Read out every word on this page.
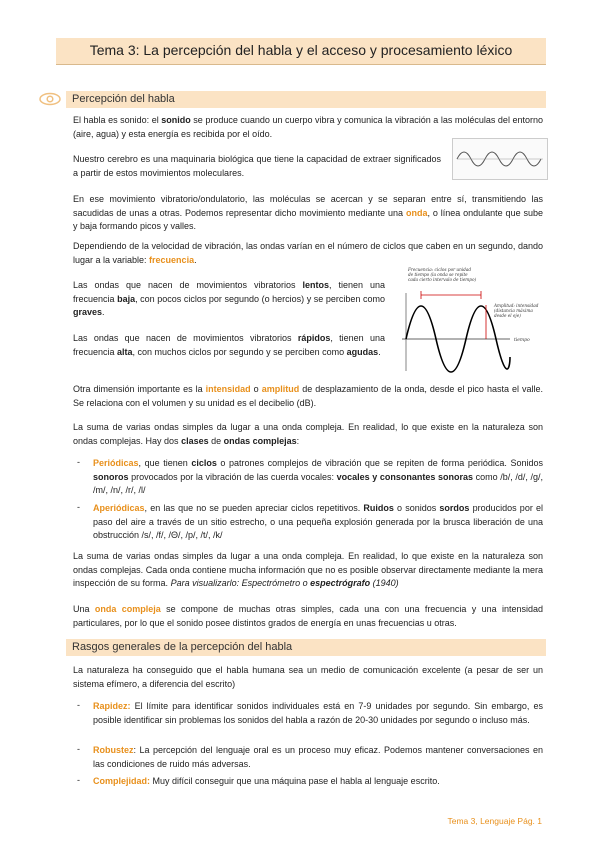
Tema 3: La percepción del habla y el acceso y procesamiento léxico
Percepción del habla

El habla es sonido: el sonido se produce cuando un cuerpo vibra y comunica la vibración a las moléculas del entorno (aire, agua) y esta energía es recibida por el oído.

Nuestro cerebro es una maquinaria biológica que tiene la capacidad de extraer significados a partir de estos movimientos moleculares.

En ese movimiento vibratorio/ondulatorio, las moléculas se acercan y se separan entre sí, transmitiendo las sacudidas de unas a otras. Podemos representar dicho movimiento mediante una onda, o línea ondulante que sube y baja formando picos y valles.

Dependiendo de la velocidad de vibración, las ondas varían en el número de ciclos que caben en un segundo, dando lugar a la variable: frecuencia.

Las ondas que nacen de movimientos vibratorios lentos, tienen una frecuencia baja, con pocos ciclos por segundo (o hercios) y se perciben como graves.

Las ondas que nacen de movimientos vibratorios rápidos, tienen una frecuencia alta, con muchos ciclos por segundo y se perciben como agudas.

Frecuencia: ciclos por unidad de tiempo (la onda se repite cada cierto intervalo de tiempo)
Amplitud: intensidad (distancia máxima desde el eje)
tiempo

Otra dimensión importante es la intensidad o amplitud de desplazamiento de la onda, desde el pico hasta el valle. Se relaciona con el volumen y su unidad es el decibelio (dB).

La suma de varias ondas simples da lugar a una onda compleja. En realidad, lo que existe en la naturaleza son ondas complejas. Hay dos clases de ondas complejas:

- Periódicas, que tienen ciclos o patrones complejos de vibración que se repiten de forma periódica. Sonidos sonoros provocados por la vibración de las cuerda vocales: vocales y consonantes sonoras como /b/, /d/, /g/, /m/, /n/, /r/, /l/

- Aperiódicas, en las que no se pueden apreciar ciclos repetitivos. Ruidos o sonidos sordos producidos por el paso del aire a través de un sitio estrecho, o una pequeña explosión generada por la brusca liberación de una obstrucción /s/, /f/, /Θ/, /p/, /t/, /k/

La suma de varias ondas simples da lugar a una onda compleja. En realidad, lo que existe en la naturaleza son ondas complejas. Cada onda contiene mucha información que no es posible observar directamente mediante la mera inspección de su forma. Para visualizarlo: Espectrómetro o espectrógrafo (1940)

Una onda compleja se compone de muchas otras simples, cada una con una frecuencia y una intensidad particulares, por lo que el sonido posee distintos grados de energía en unas frecuencias u otras.

Rasgos generales de la percepción del habla

La naturaleza ha conseguido que el habla humana sea un medio de comunicación excelente (a pesar de ser un sistema efímero, a diferencia del escrito)

- Rapidez: El límite para identificar sonidos individuales está en 7-9 unidades por segundo. Sin embargo, es posible identificar sin problemas los sonidos del habla a razón de 20-30 unidades por segundo o incluso más.

- Robustez: La percepción del lenguaje oral es un proceso muy eficaz. Podemos mantener conversaciones en las condiciones de ruido más adversas.

- Complejidad: Muy difícil conseguir que una máquina pase el habla al lenguaje escrito.

Tema 3, Lenguaje Pág. 1
